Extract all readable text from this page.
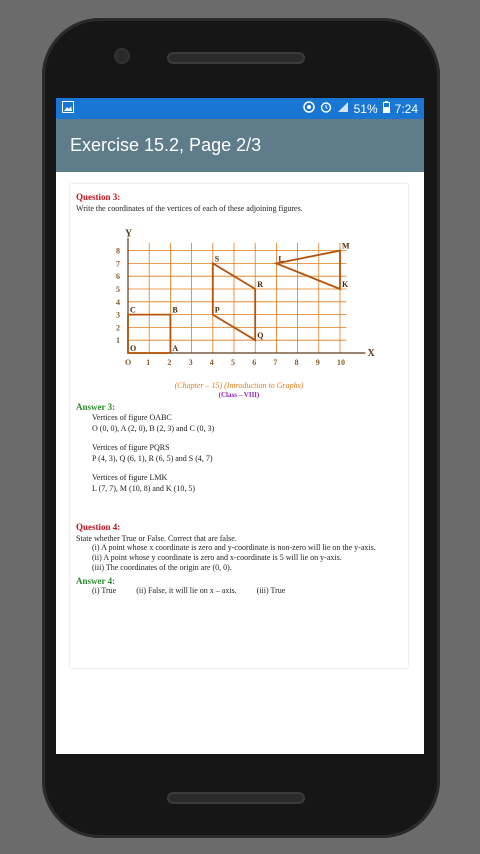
51% 7:24
Exercise 15.2, Page 2/3
Question 3:
Write the coordinates of the vertices of each of these adjoining figures.
X
Y
O 1 2 3 4 5 6 7 8 9 10
1
2
3
4
5
6
7
8
O	A
B
C	P
Q
R
S	L
M
K
(Chapter – 15) (Introduction to Graphs)
(Class – VIII)
Answer 3:
Vertices of figure OABC
O (0, 0), A (2, 0), B (2, 3) and C (0, 3)
Vertices of figure PQRS
P (4, 3), Q (6, 1), R (6, 5) and S (4, 7)
Vertices of figure LMK
L (7, 7), M (10, 8) and K (10, 5)
Question 4:
State whether True or False. Correct that are false.
(i) A point whose x coordinate is zero and y-coordinate is non-zero will lie on the y-axis.
(ii) A point whose y coordinate is zero and x-coordinate is 5 will lie on y-axis.
(iii) The coordinates of the origin are (0, 0).
Answer 4:
(i) True	(ii) False, it will lie on x – axis.	(iii) True
